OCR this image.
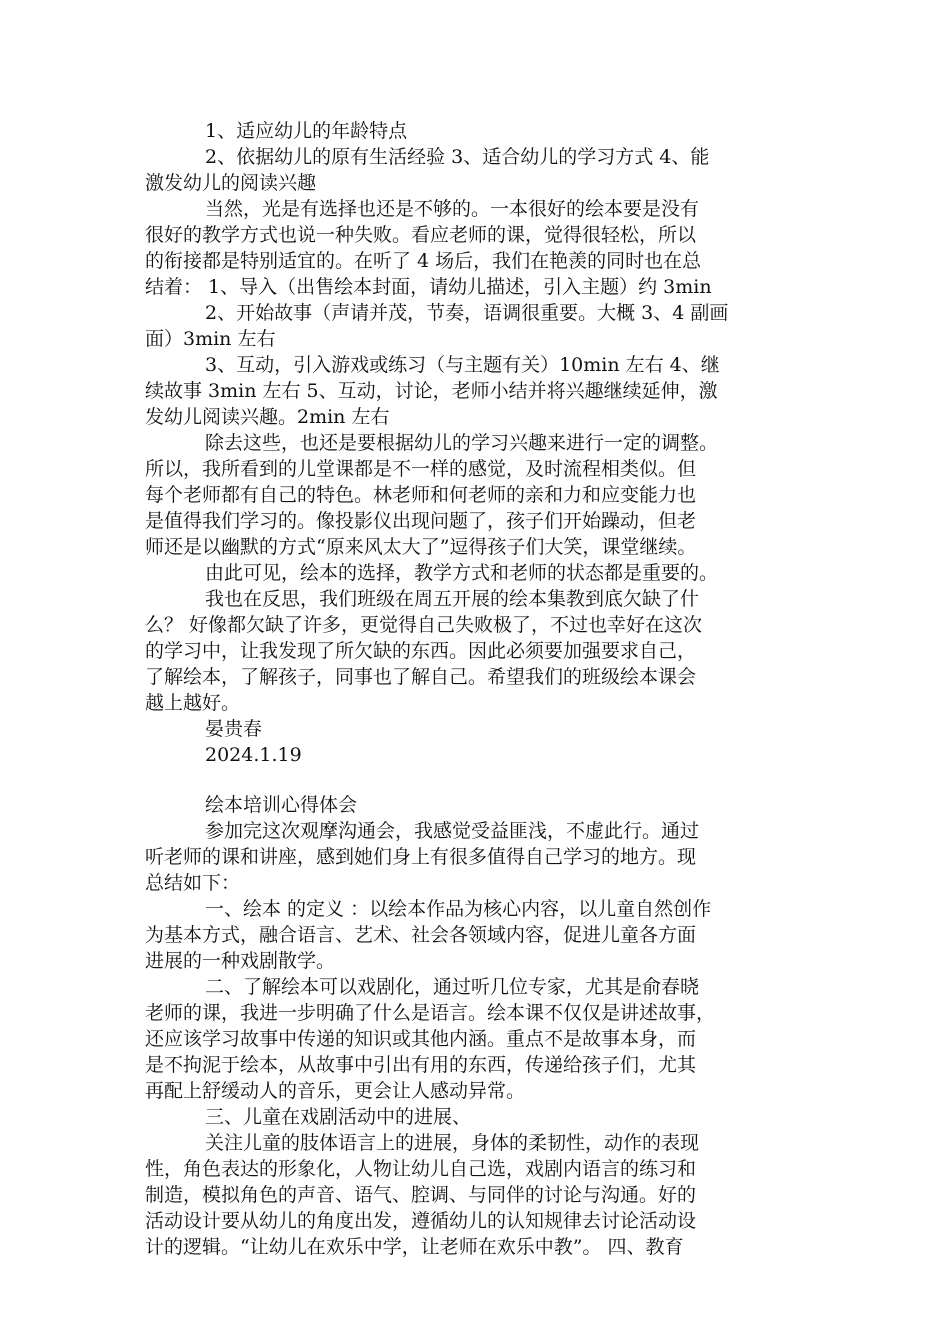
1、适应幼儿的年龄特点
2、依据幼儿的原有生活经验 3、适合幼儿的学习方式 4、能
激发幼儿的阅读兴趣
当然，光是有选择也还是不够的。一本很好的绘本要是没有
很好的教学方式也说一种失败。看应老师的课，觉得很轻松，所以
的衔接都是特别适宜的。在听了 4 场后，我们在艳羡的同时也在总
结着： 1、导入（出售绘本封面，请幼儿描述，引入主题）约 3min
2、开始故事（声请并茂，节奏，语调很重要。大概 3、4 副画
面）3min 左右
3、互动，引入游戏或练习（与主题有关）10min 左右 4、继
续故事 3min 左右 5、互动，讨论，老师小结并将兴趣继续延伸，激
发幼儿阅读兴趣。2min 左右
除去这些，也还是要根据幼儿的学习兴趣来进行一定的调整。
所以，我所看到的儿堂课都是不一样的感觉，及时流程相类似。但
每个老师都有自己的特色。林老师和何老师的亲和力和应变能力也
是值得我们学习的。像投影仪出现问题了，孩子们开始躁动，但老
师还是以幽默的方式“原来风太大了”逗得孩子们大笑，课堂继续。
由此可见，绘本的选择，教学方式和老师的状态都是重要的。
我也在反思，我们班级在周五开展的绘本集教到底欠缺了什
么？ 好像都欠缺了许多，更觉得自己失败极了，不过也幸好在这次
的学习中，让我发现了所欠缺的东西。因此必须要加强要求自己，
了解绘本，了解孩子，同事也了解自己。希望我们的班级绘本课会
越上越好。
晏贵春
2024.1.19
绘本培训心得体会
参加完这次观摩沟通会，我感觉受益匪浅，不虚此行。通过
听老师的课和讲座，感到她们身上有很多值得自己学习的地方。现
总结如下：
一、绘本 的定义 ：以绘本作品为核心内容，以儿童自然创作
为基本方式，融合语言、艺术、社会各领域内容，促进儿童各方面
进展的一种戏剧散学。
二、了解绘本可以戏剧化，通过听几位专家，尤其是俞春晓
老师的课，我进一步明确了什么是语言。绘本课不仅仅是讲述故事，
还应该学习故事中传递的知识或其他内涵。重点不是故事本身，而
是不拘泥于绘本，从故事中引出有用的东西，传递给孩子们，尤其
再配上舒缓动人的音乐，更会让人感动异常。
三、儿童在戏剧活动中的进展、
关注儿童的肢体语言上的进展，身体的柔韧性，动作的表现
性，角色表达的形象化，人物让幼儿自己选，戏剧内语言的练习和
制造，模拟角色的声音、语气、腔调、与同伴的讨论与沟通。好的
活动设计要从幼儿的角度出发，遵循幼儿的认知规律去讨论活动设
计的逻辑。“让幼儿在欢乐中学，让老师在欢乐中教”。 四、教育
